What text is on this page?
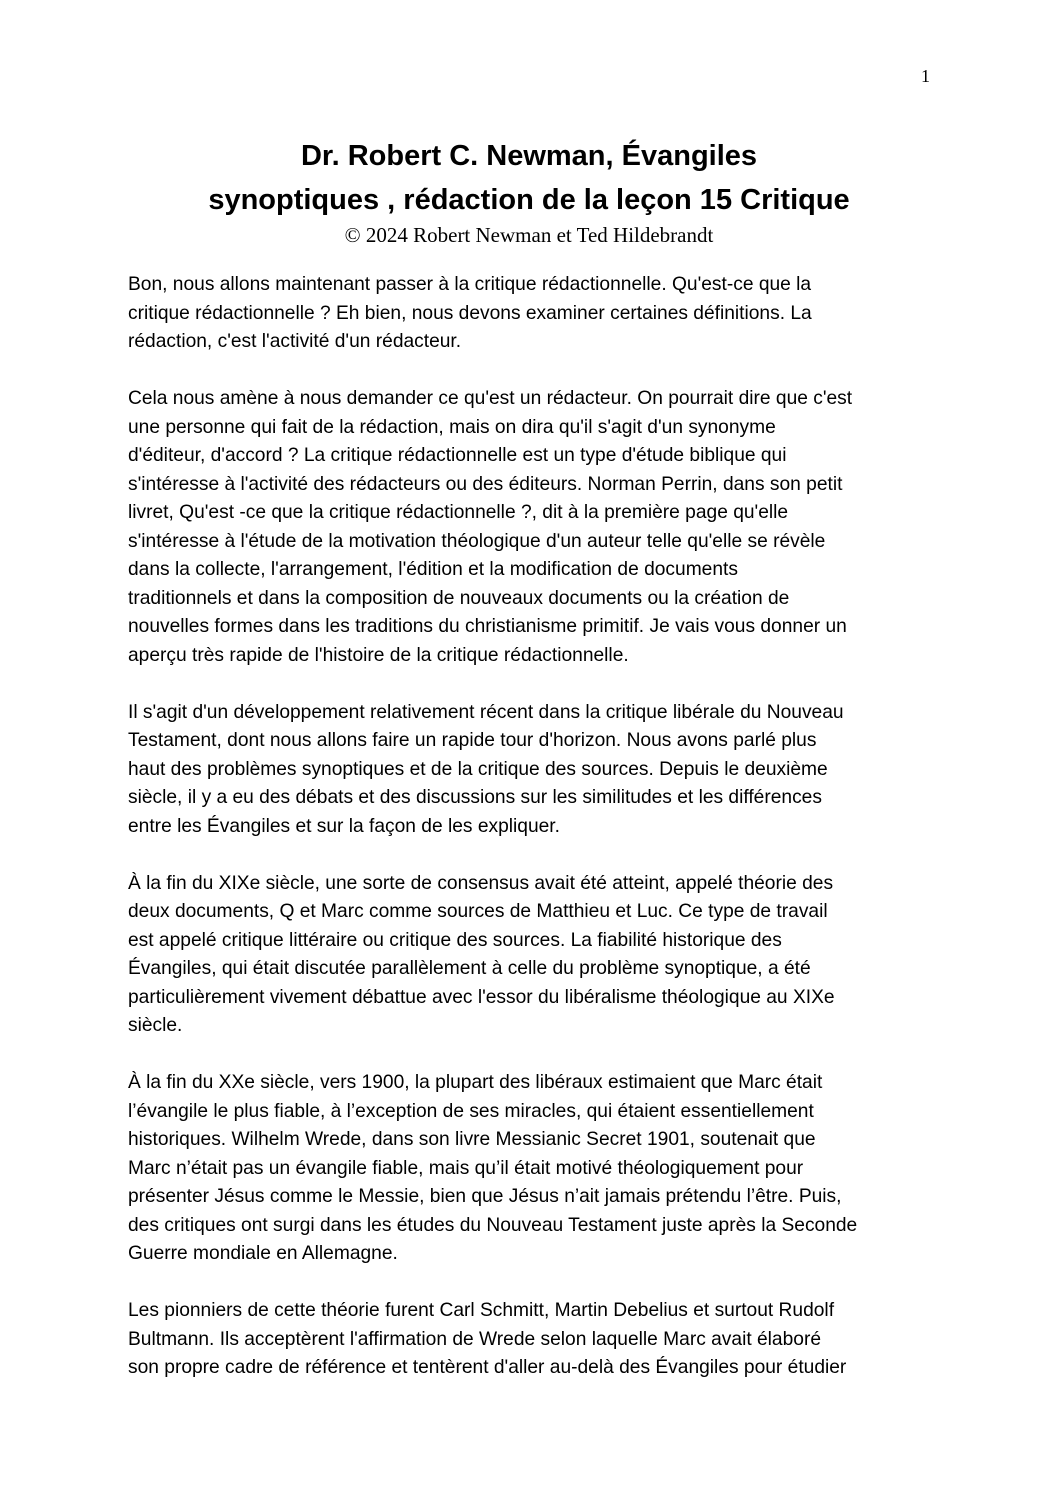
1
Dr. Robert C. Newman, Évangiles
synoptiques , rédaction de la leçon 15 Critique
© 2024 Robert Newman et Ted Hildebrandt

Bon, nous allons maintenant passer à la critique rédactionnelle. Qu'est-ce que la
critique rédactionnelle ? Eh bien, nous devons examiner certaines définitions. La
rédaction, c'est l'activité d'un rédacteur.

Cela nous amène à nous demander ce qu'est un rédacteur. On pourrait dire que c'est
une personne qui fait de la rédaction, mais on dira qu'il s'agit d'un synonyme
d'éditeur, d'accord ? La critique rédactionnelle est un type d'étude biblique qui
s'intéresse à l'activité des rédacteurs ou des éditeurs. Norman Perrin, dans son petit
livret, Qu'est -ce que la critique rédactionnelle ?, dit à la première page qu'elle
s'intéresse à l'étude de la motivation théologique d'un auteur telle qu'elle se révèle
dans la collecte, l'arrangement, l'édition et la modification de documents
traditionnels et dans la composition de nouveaux documents ou la création de
nouvelles formes dans les traditions du christianisme primitif. Je vais vous donner un
aperçu très rapide de l'histoire de la critique rédactionnelle.

Il s'agit d'un développement relativement récent dans la critique libérale du Nouveau
Testament, dont nous allons faire un rapide tour d'horizon. Nous avons parlé plus
haut des problèmes synoptiques et de la critique des sources. Depuis le deuxième
siècle, il y a eu des débats et des discussions sur les similitudes et les différences
entre les Évangiles et sur la façon de les expliquer.

À la fin du XIXe siècle, une sorte de consensus avait été atteint, appelé théorie des
deux documents, Q et Marc comme sources de Matthieu et Luc. Ce type de travail
est appelé critique littéraire ou critique des sources. La fiabilité historique des
Évangiles, qui était discutée parallèlement à celle du problème synoptique, a été
particulièrement vivement débattue avec l'essor du libéralisme théologique au XIXe
siècle.

À la fin du XXe siècle, vers 1900, la plupart des libéraux estimaient que Marc était
l’évangile le plus fiable, à l’exception de ses miracles, qui étaient essentiellement
historiques. Wilhelm Wrede, dans son livre Messianic Secret 1901, soutenait que
Marc n’était pas un évangile fiable, mais qu’il était motivé théologiquement pour
présenter Jésus comme le Messie, bien que Jésus n’ait jamais prétendu l’être. Puis,
des critiques ont surgi dans les études du Nouveau Testament juste après la Seconde
Guerre mondiale en Allemagne.

Les pionniers de cette théorie furent Carl Schmitt, Martin Debelius et surtout Rudolf
Bultmann. Ils acceptèrent l'affirmation de Wrede selon laquelle Marc avait élaboré
son propre cadre de référence et tentèrent d'aller au-delà des Évangiles pour étudier
